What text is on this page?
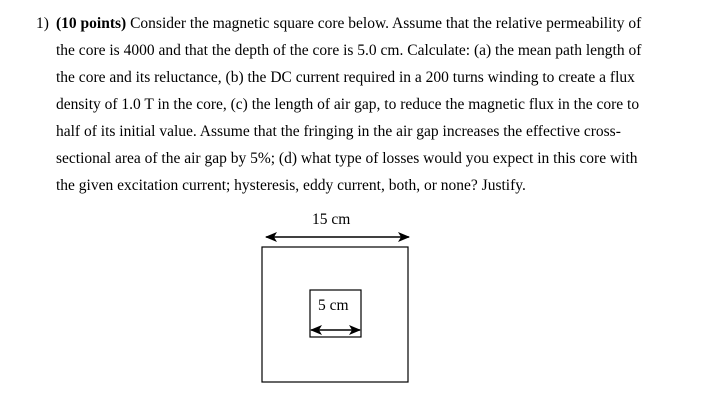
1) (10 points) Consider the magnetic square core below. Assume that the relative permeability of
the core is 4000 and that the depth of the core is 5.0 cm. Calculate: (a) the mean path length of
the core and its reluctance, (b) the DC current required in a 200 turns winding to create a flux
density of 1.0 T in the core, (c) the length of air gap, to reduce the magnetic flux in the core to
half of its initial value. Assume that the fringing in the air gap increases the effective cross-
sectional area of the air gap by 5%; (d) what type of losses would you expect in this core with
the given excitation current; hysteresis, eddy current, both, or none? Justify.
15 cm
5 cm
